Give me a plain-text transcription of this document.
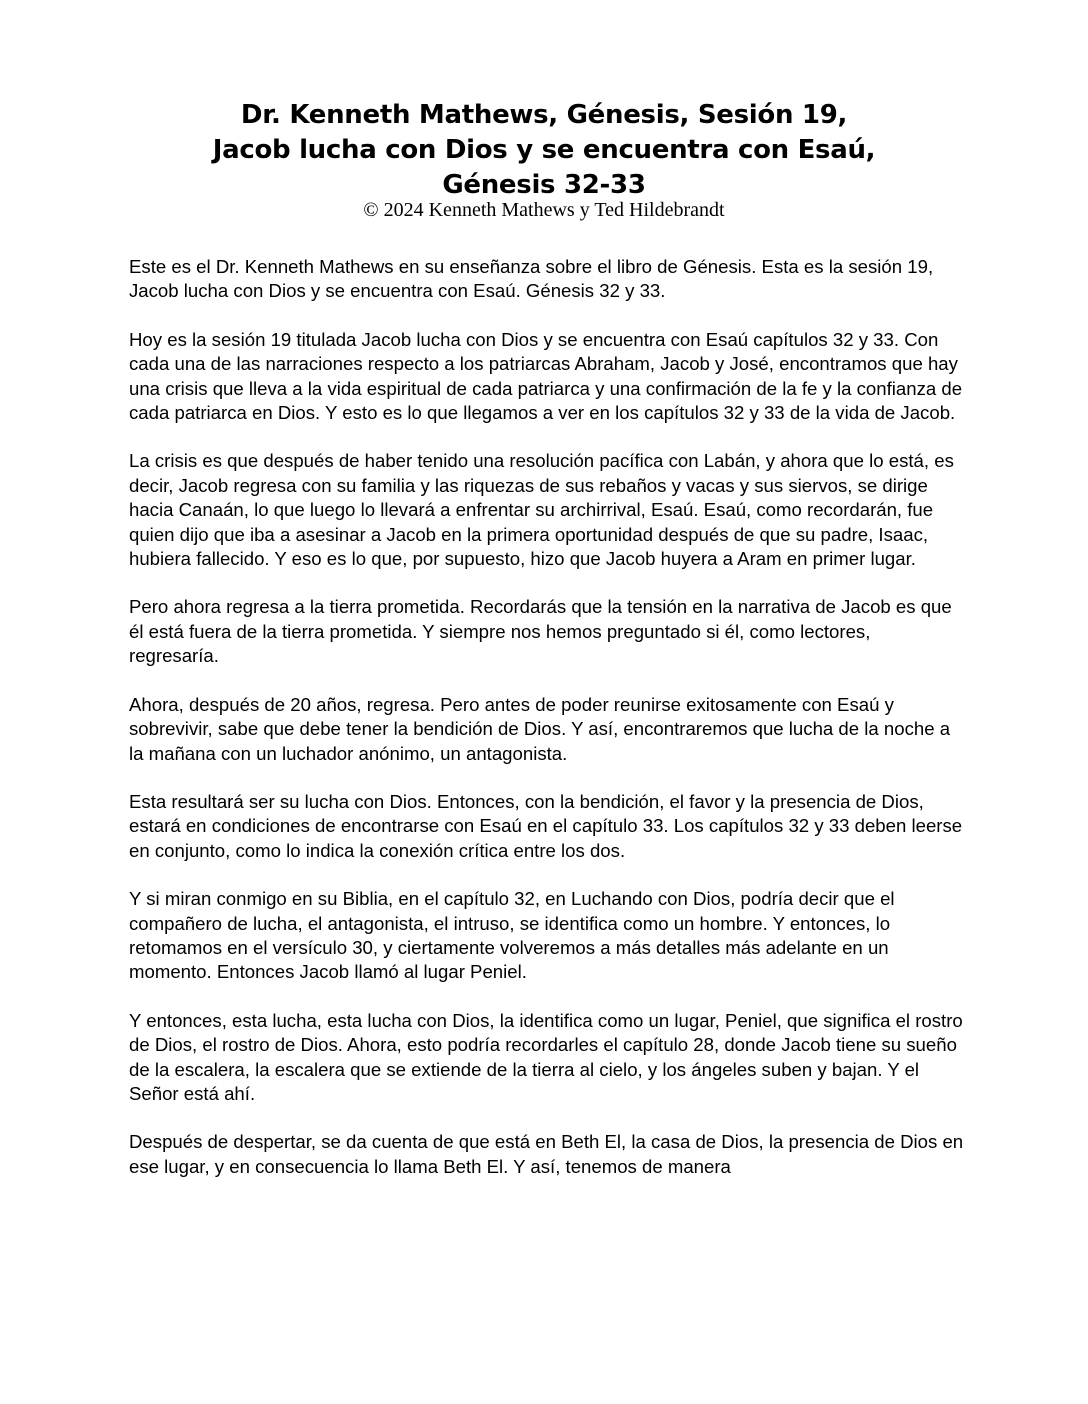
Dr. Kenneth Mathews, Génesis, Sesión 19,

Jacob lucha con Dios y se encuentra con Esaú,

Génesis 32-33

© 2024 Kenneth Mathews y Ted Hildebrandt

Este es el Dr. Kenneth Mathews en su enseñanza sobre el libro de Génesis. Esta es la sesión 19, Jacob lucha con Dios y se encuentra con Esaú. Génesis 32 y 33.

Hoy es la sesión 19 titulada Jacob lucha con Dios y se encuentra con Esaú capítulos 32 y 33. Con cada una de las narraciones respecto a los patriarcas Abraham, Jacob y José, encontramos que hay una crisis que lleva a la vida espiritual de cada patriarca y una confirmación de la fe y la confianza de cada patriarca en Dios. Y esto es lo que llegamos a ver en los capítulos 32 y 33 de la vida de Jacob.

La crisis es que después de haber tenido una resolución pacífica con Labán, y ahora que lo está, es decir, Jacob regresa con su familia y las riquezas de sus rebaños y vacas y sus siervos, se dirige hacia Canaán, lo que luego lo llevará a enfrentar su archirrival, Esaú. Esaú, como recordarán, fue quien dijo que iba a asesinar a Jacob en la primera oportunidad después de que su padre, Isaac, hubiera fallecido. Y eso es lo que, por supuesto, hizo que Jacob huyera a Aram en primer lugar.

Pero ahora regresa a la tierra prometida. Recordarás que la tensión en la narrativa de Jacob es que él está fuera de la tierra prometida. Y siempre nos hemos preguntado si él, como lectores, regresaría.

Ahora, después de 20 años, regresa. Pero antes de poder reunirse exitosamente con Esaú y sobrevivir, sabe que debe tener la bendición de Dios. Y así, encontraremos que lucha de la noche a la mañana con un luchador anónimo, un antagonista.

Esta resultará ser su lucha con Dios. Entonces, con la bendición, el favor y la presencia de Dios, estará en condiciones de encontrarse con Esaú en el capítulo 33. Los capítulos 32 y 33 deben leerse en conjunto, como lo indica la conexión crítica entre los dos.

Y si miran conmigo en su Biblia, en el capítulo 32, en Luchando con Dios, podría decir que el compañero de lucha, el antagonista, el intruso, se identifica como un hombre. Y entonces, lo retomamos en el versículo 30, y ciertamente volveremos a más detalles más adelante en un momento. Entonces Jacob llamó al lugar Peniel.

Y entonces, esta lucha, esta lucha con Dios, la identifica como un lugar, Peniel, que significa el rostro de Dios, el rostro de Dios. Ahora, esto podría recordarles el capítulo 28, donde Jacob tiene su sueño de la escalera, la escalera que se extiende de la tierra al cielo, y los ángeles suben y bajan. Y el Señor está ahí.

Después de despertar, se da cuenta de que está en Beth El, la casa de Dios, la presencia de Dios en ese lugar, y en consecuencia lo llama Beth El. Y así, tenemos de manera
